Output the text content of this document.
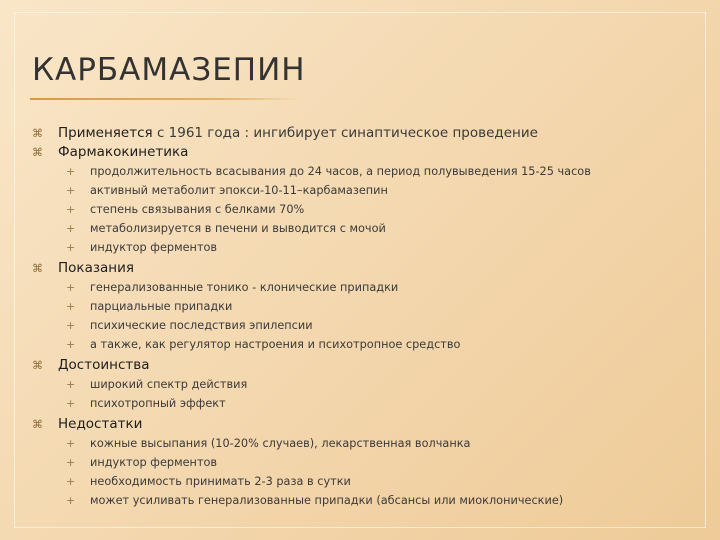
КАРБАМАЗЕПИН
⌘ Применяется с 1961 года : ингибирует синаптическое проведение
⌘ Фармакокинетика
+	продолжительность всасывания до 24 часов, а период полувыведения 15-25 часов
+	активный метаболит эпокси-10-11–карбамазепин
+	степень связывания с белками 70%
+	метаболизируется в печени и выводится с мочой
+	индуктор ферментов
⌘ Показания
+	генерализованные тонико - клонические припадки
+	парциальные припадки
+	психические последствия эпилепсии
+	а также, как регулятор настроения и психотропное средство
⌘ Достоинства
+	широкий спектр действия
+	психотропный эффект
⌘ Недостатки
+	кожные высыпания (10-20% случаев), лекарственная волчанка
+	индуктор ферментов
+	необходимость принимать 2-3 раза в сутки
+	может усиливать генерализованные припадки (абсансы или миоклонические)
